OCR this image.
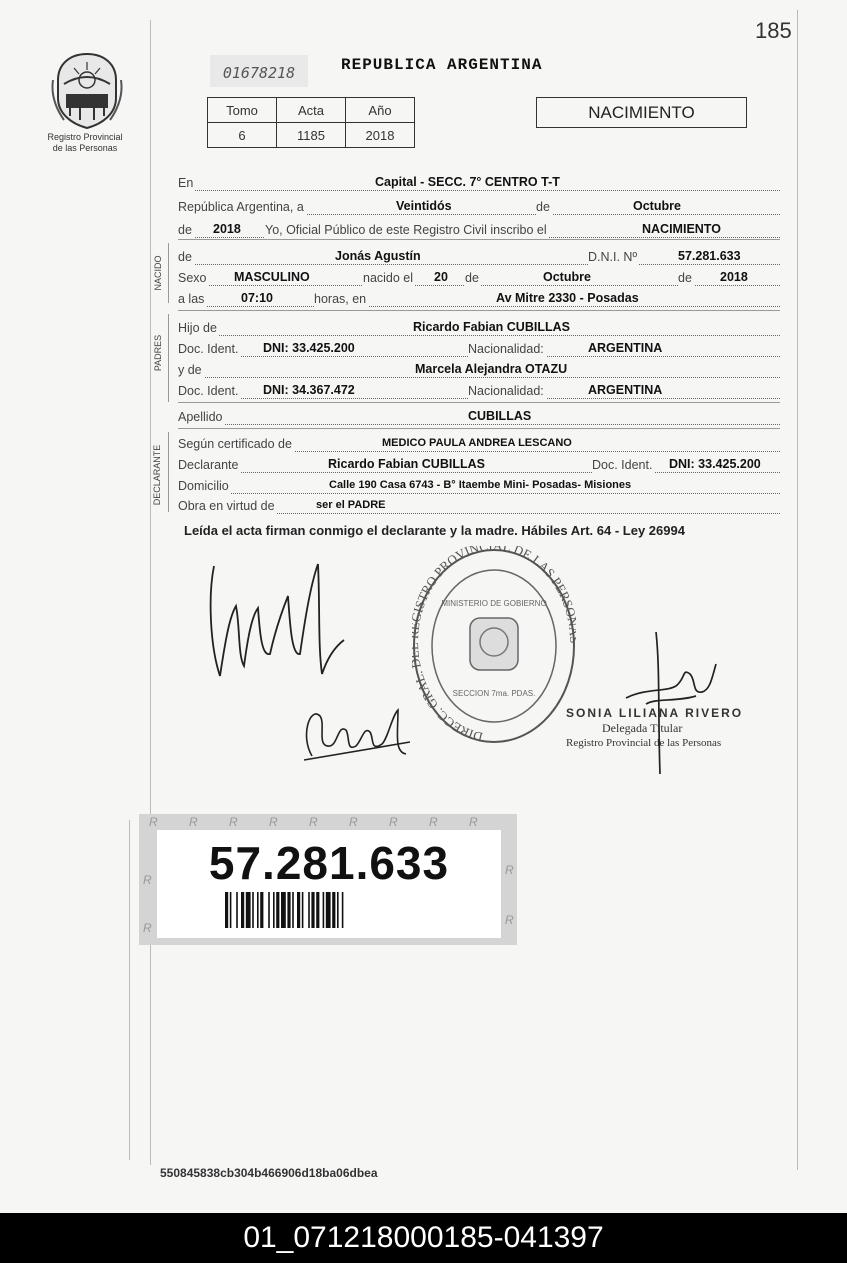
185
Registro Provincial
de las Personas
01678218	REPUBLICA ARGENTINA
Tomo	Acta	Año
6	1185	2018
NACIMIENTO
En	Capital - SECC. 7° CENTRO T-T
República Argentina, a	Veintidós	de	Octubre
de 2018 Yo, Oficial Público de este Registro Civil inscribo el	NACIMIENTO
NACIDO de	Jonás Agustín	D.N.I. Nº	57.281.633
Sexo MASCULINO	nacido el 20 de	Octubre	de 2018
a las	07:10	horas, en	Av Mitre 2330 - Posadas
PADRES
Hijo de	Ricardo Fabian CUBILLAS
Doc. Ident. DNI: 33.425.200	Nacionalidad:	ARGENTINA
y de	Marcela Alejandra OTAZU
Doc. Ident. DNI: 34.367.472	Nacionalidad:	ARGENTINA
Apellido	CUBILLAS
DECLARANTE
Según certificado de	MEDICO PAULA ANDREA LESCANO
Declarante	Ricardo Fabian CUBILLAS	Doc. Ident. DNI: 33.425.200
Domicilio	Calle 190 Casa 6743 - B° Itaembe Mini- Posadas- Misiones
Obra en virtud de	ser el PADRE
Leída el acta firman conmigo el declarante y la madre. Hábiles Art. 64 - Ley 26994
DIRECC. GRAL STRO PROVINC L DE LAS PERS
MINISTERIO DE GOBIERNO
SECCION 7ma. PDAS.
SONIA LILIANA RIVERO
Delegada Titular
Registro Provincial de las Personas
R	R	R	R	R	R	R	R	R
R
R
R
R
57.281.633
550845838cb304b466906d18ba06dbea
01_071218000185-041397
